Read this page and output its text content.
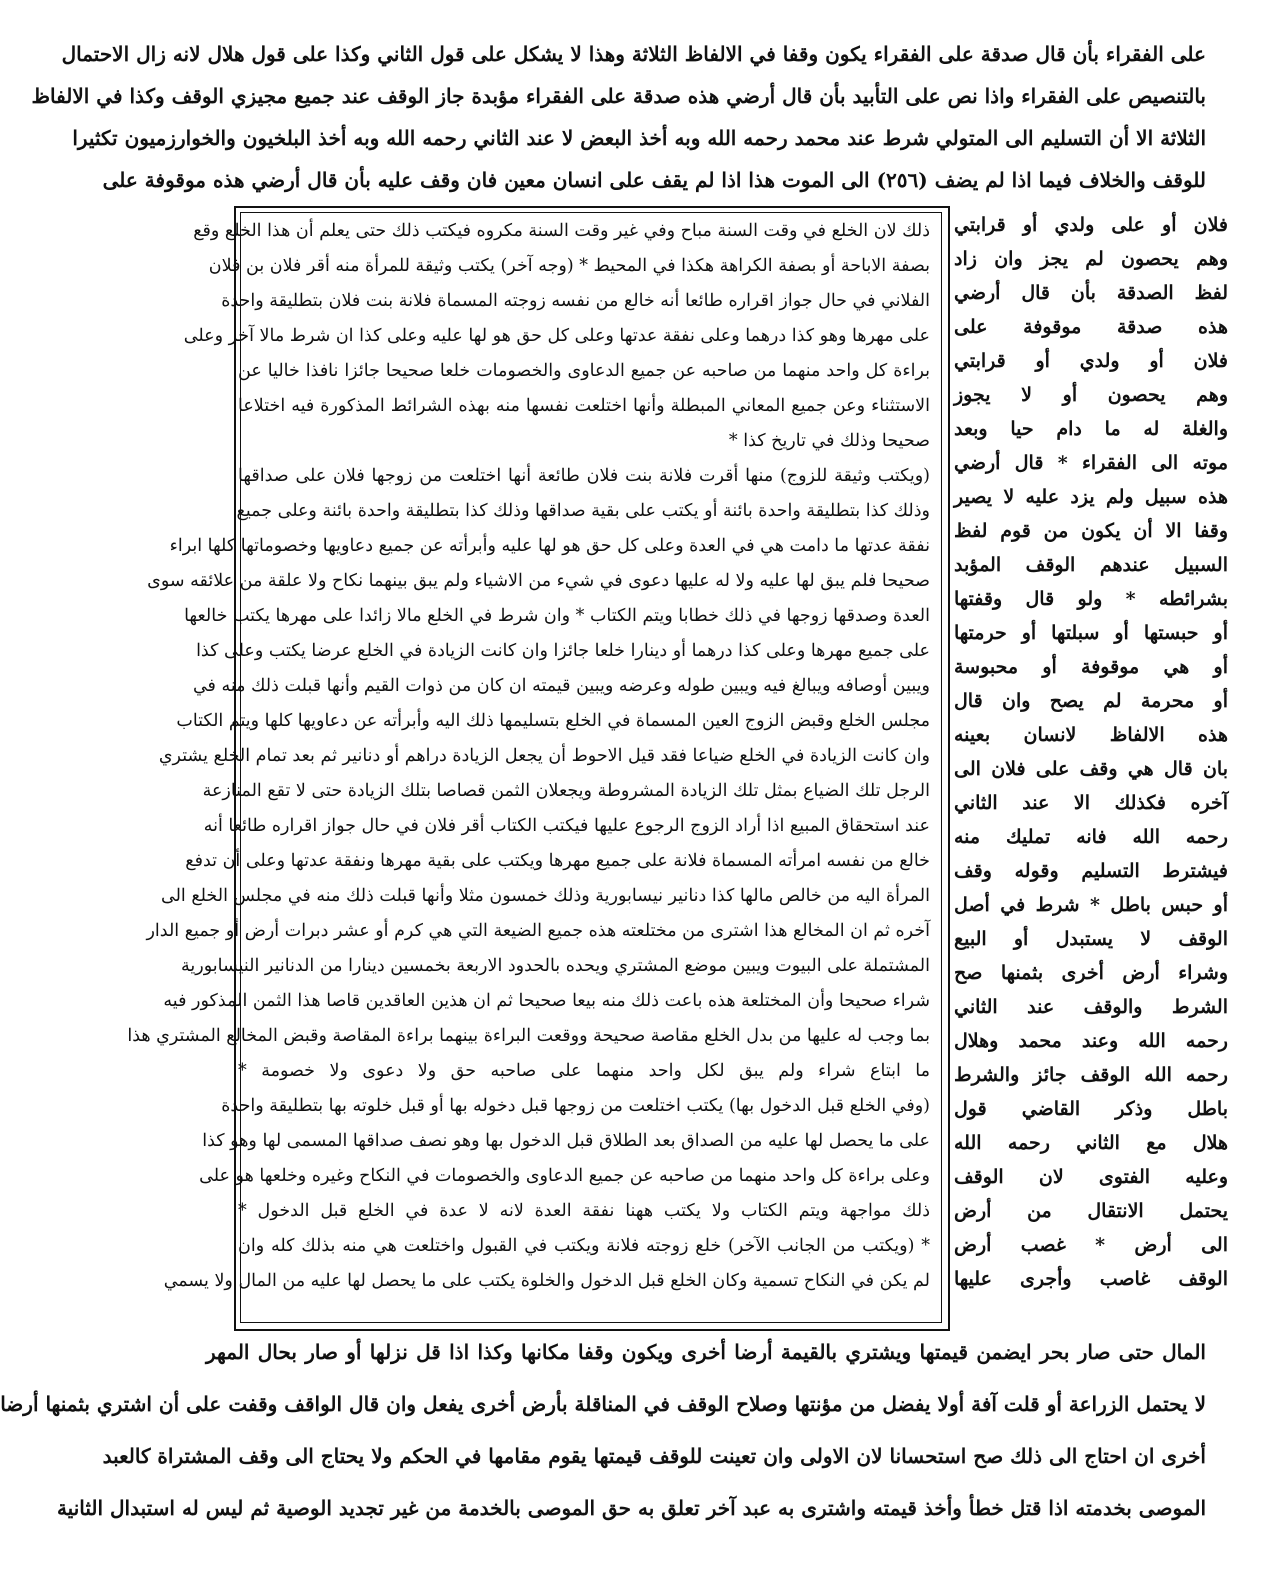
على الفقراء بأن قال صدقة على الفقراء يكون وقفا في الالفاظ الثلاثة وهذا لا يشكل على قول الثاني وكذا على قول هلال لانه زال الاحتمال
بالتنصيص على الفقراء واذا نص على التأبيد بأن قال أرضي هذه صدقة على الفقراء مؤبدة جاز الوقف عند جميع مجيزي الوقف وكذا في الالفاظ
الثلاثة الا أن التسليم الى المتولي شرط عند محمد رحمه الله وبه أخذ البعض لا عند الثاني رحمه الله وبه أخذ البلخيون والخوارزميون تكثيرا
للوقف والخلاف فيما اذا لم يضف (٢٥٦) الى الموت هذا اذا لم يقف على انسان معين فان وقف عليه بأن قال أرضي هذه موقوفة على
فلان أو على ولدي أو قرابتي
وهم يحصون لم يجز وان زاد
لفظ الصدقة بأن قال أرضي
هذه صدقة موقوفة على
فلان أو ولدي أو قرابتي
وهم يحصون أو لا يجوز
والغلة له ما دام حيا وبعد
موته الى الفقراء * قال أرضي
هذه سبيل ولم يزد عليه لا يصير
وقفا الا أن يكون من قوم لفظ
السبيل عندهم الوقف المؤبد
بشرائطه * ولو قال وقفتها
أو حبستها أو سبلتها أو حرمتها
أو هي موقوفة أو محبوسة
أو محرمة لم يصح وان قال
هذه الالفاظ لانسان بعينه
بان قال هي وقف على فلان الى
آخره فكذلك الا عند الثاني
رحمه الله فانه تمليك منه
فيشترط التسليم وقوله وقف
أو حبس باطل * شرط في أصل
الوقف لا يستبدل أو البيع
وشراء أرض أخرى بثمنها صح
الشرط والوقف عند الثاني
رحمه الله وعند محمد وهلال
رحمه الله الوقف جائز والشرط
باطل وذكر القاضي قول
هلال مع الثاني رحمه الله
وعليه الفتوى لان الوقف
يحتمل الانتقال من أرض
الى أرض * غصب أرض
الوقف غاصب وأجرى عليها
ذلك لان الخلع في وقت السنة مباح وفي غير وقت السنة مكروه فيكتب ذلك حتى يعلم أن هذا الخلع وقع
بصفة الاباحة أو بصفة الكراهة هكذا في المحيط * (وجه آخر) يكتب وثيقة للمرأة منه أقر فلان بن فلان
الفلاني في حال جواز اقراره طائعا أنه خالع من نفسه زوجته المسماة فلانة بنت فلان بتطليقة واحدة
على مهرها وهو كذا درهما وعلى نفقة عدتها وعلى كل حق هو لها عليه وعلى كذا ان شرط مالا آخر وعلى
براءة كل واحد منهما من صاحبه عن جميع الدعاوى والخصومات خلعا صحيحا جائزا نافذا خاليا عن
الاستثناء وعن جميع المعاني المبطلة وأنها اختلعت نفسها منه بهذه الشرائط المذكورة فيه اختلاعا
صحيحا وذلك في تاريخ كذا *
(ويكتب وثيقة للزوج) منها أقرت فلانة بنت فلان طائعة أنها اختلعت من زوجها فلان على صداقها
وذلك كذا بتطليقة واحدة بائنة أو يكتب على بقية صداقها وذلك كذا بتطليقة واحدة بائنة وعلى جميع
نفقة عدتها ما دامت هي في العدة وعلى كل حق هو لها عليه وأبرأته عن جميع دعاويها وخصوماتها كلها ابراء
صحيحا فلم يبق لها عليه ولا له عليها دعوى في شيء من الاشياء ولم يبق بينهما نكاح ولا علقة من علائقه سوى
العدة وصدقها زوجها في ذلك خطابا ويتم الكتاب * وان شرط في الخلع مالا زائدا على مهرها يكتب خالعها
على جميع مهرها وعلى كذا درهما أو دينارا خلعا جائزا وان كانت الزيادة في الخلع عرضا يكتب وعلى كذا
ويبين أوصافه ويبالغ فيه ويبين طوله وعرضه ويبين قيمته ان كان من ذوات القيم وأنها قبلت ذلك منه في
مجلس الخلع وقبض الزوج العين المسماة في الخلع بتسليمها ذلك اليه وأبرأته عن دعاويها كلها ويتم الكتاب
وان كانت الزيادة في الخلع ضياعا فقد قيل الاحوط أن يجعل الزيادة دراهم أو دنانير ثم بعد تمام الخلع يشتري
الرجل تلك الضياع بمثل تلك الزيادة المشروطة ويجعلان الثمن قصاصا بتلك الزيادة حتى لا تقع المنازعة
عند استحقاق المبيع اذا أراد الزوج الرجوع عليها فيكتب الكتاب أقر فلان في حال جواز اقراره طائعا أنه
خالع من نفسه امرأته المسماة فلانة على جميع مهرها ويكتب على بقية مهرها ونفقة عدتها وعلى أن تدفع
المرأة اليه من خالص مالها كذا دنانير نيسابورية وذلك خمسون مثلا وأنها قبلت ذلك منه في مجلس الخلع الى
آخره ثم ان المخالع هذا اشترى من مختلعته هذه جميع الضيعة التي هي كرم أو عشر دبرات أرض أو جميع الدار
المشتملة على البيوت ويبين موضع المشتري ويحده بالحدود الاربعة بخمسين دينارا من الدنانير النيسابورية
شراء صحيحا وأن المختلعة هذه باعت ذلك منه بيعا صحيحا ثم ان هذين العاقدين قاصا هذا الثمن المذكور فيه
بما وجب له عليها من بدل الخلع مقاصة صحيحة ووقعت البراءة بينهما براءة المقاصة وقبض المخالع المشتري هذا
ما ابتاع شراء ولم يبق لكل واحد منهما على صاحبه حق ولا دعوى ولا خصومة *
(وفي الخلع قبل الدخول بها) يكتب اختلعت من زوجها قبل دخوله بها أو قبل خلوته بها بتطليقة واحدة
على ما يحصل لها عليه من الصداق بعد الطلاق قبل الدخول بها وهو نصف صداقها المسمى لها وهو كذا
وعلى براءة كل واحد منهما من صاحبه عن جميع الدعاوى والخصومات في النكاح وغيره وخلعها هو على
ذلك مواجهة ويتم الكتاب ولا يكتب ههنا نفقة العدة لانه لا عدة في الخلع قبل الدخول *
* (ويكتب من الجانب الآخر) خلع زوجته فلانة ويكتب في القبول واختلعت هي منه بذلك كله وان
لم يكن في النكاح تسمية وكان الخلع قبل الدخول والخلوة يكتب على ما يحصل لها عليه من المال ولا يسمي
المال حتى صار بحر ايضمن قيمتها ويشتري بالقيمة أرضا أخرى ويكون وقفا مكانها وكذا اذا قل نزلها أو صار بحال المهر
لا يحتمل الزراعة أو قلت آفة أولا يفضل من مؤنتها وصلاح الوقف في المناقلة بأرض أخرى يفعل وان قال الواقف وقفت على أن اشتري بثمنها أرضا
أخرى ان احتاج الى ذلك صح استحسانا لان الاولى وان تعينت للوقف قيمتها يقوم مقامها في الحكم ولا يحتاج الى وقف المشتراة كالعبد
الموصى بخدمته اذا قتل خطأ وأخذ قيمته واشترى به عبد آخر تعلق به حق الموصى بالخدمة من غير تجديد الوصية ثم ليس له استبدال الثانية
